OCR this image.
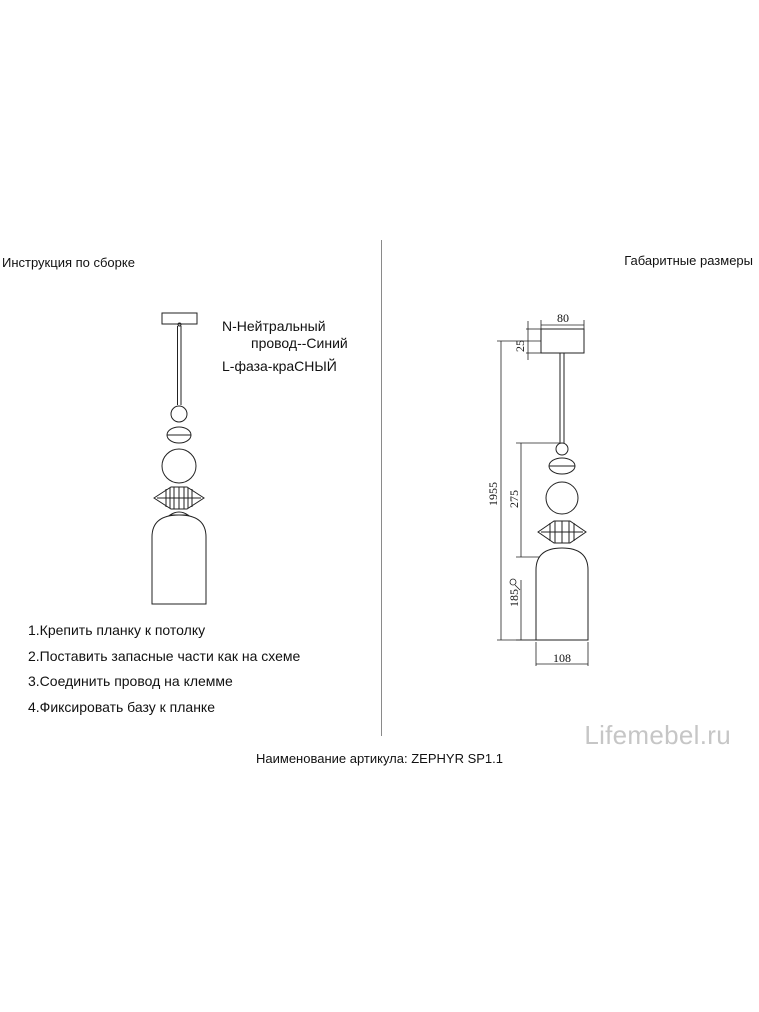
Инструкция по сборке	Габаритные размеры
N-Нейтральный
провод--Синий
L-фаза-краСНЫЙ
1.Крепить планку к потолку
2.Поставить запасные части как на схеме
3.Соединить провод на клемме
4.Фиксировать базу к планке
Наименование артикула: ZEPHYR SP1.1
Lifemebel.ru
80
25
1955 275
185
108
